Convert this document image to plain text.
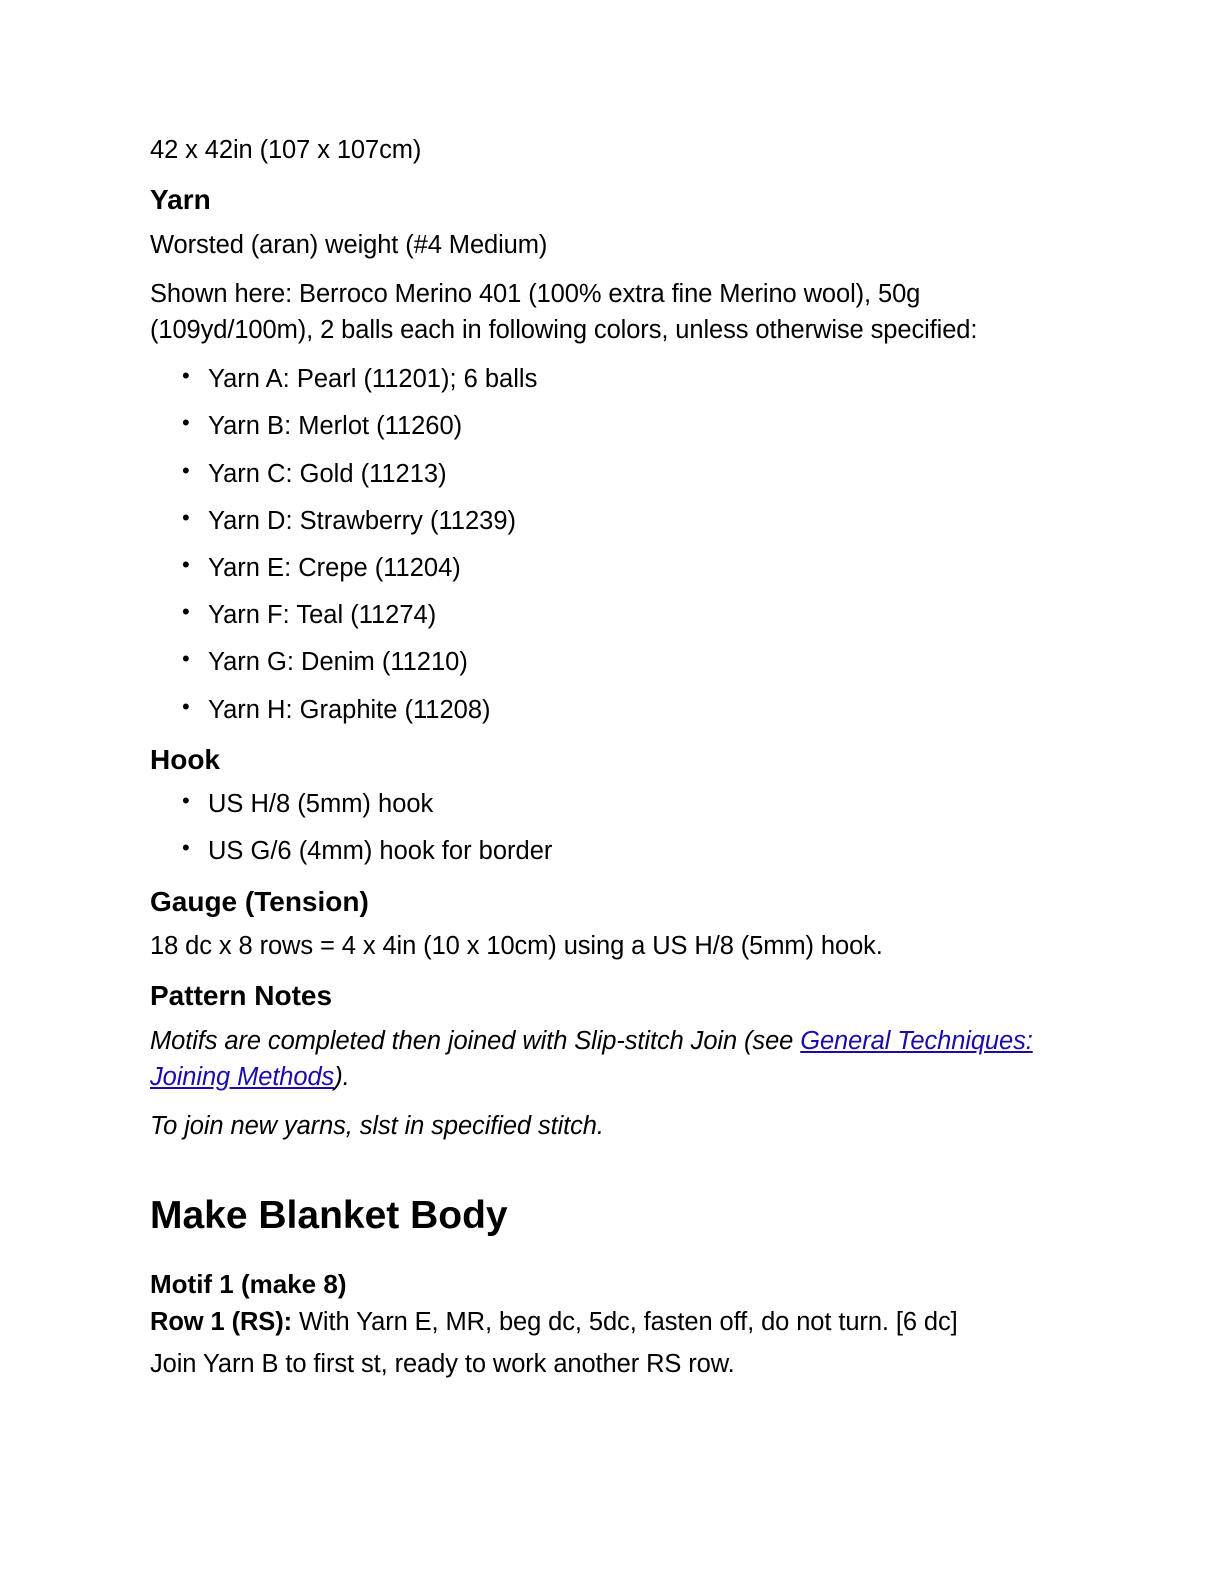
42 x 42in (107 x 107cm)

Yarn

Worsted (aran) weight (#4 Medium)

Shown here: Berroco Merino 401 (100% extra fine Merino wool), 50g (109yd/100m), 2 balls each in following colors, unless otherwise specified:

• Yarn A: Pearl (11201); 6 balls
• Yarn B: Merlot (11260)
• Yarn C: Gold (11213)
• Yarn D: Strawberry (11239)
• Yarn E: Crepe (11204)
• Yarn F: Teal (11274)
• Yarn G: Denim (11210)
• Yarn H: Graphite (11208)
Hook
• US H/8 (5mm) hook
• US G/6 (4mm) hook for border
Gauge (Tension)

18 dc x 8 rows = 4 x 4in (10 x 10cm) using a US H/8 (5mm) hook.

Pattern Notes

Motifs are completed then joined with Slip-stitch Join (see General Techniques: Joining Methods).

To join new yarns, slst in specified stitch.

Make Blanket Body
Motif 1 (make 8)

Row 1 (RS): With Yarn E, MR, beg dc, 5dc, fasten off, do not turn. [6 dc]

Join Yarn B to first st, ready to work another RS row.
